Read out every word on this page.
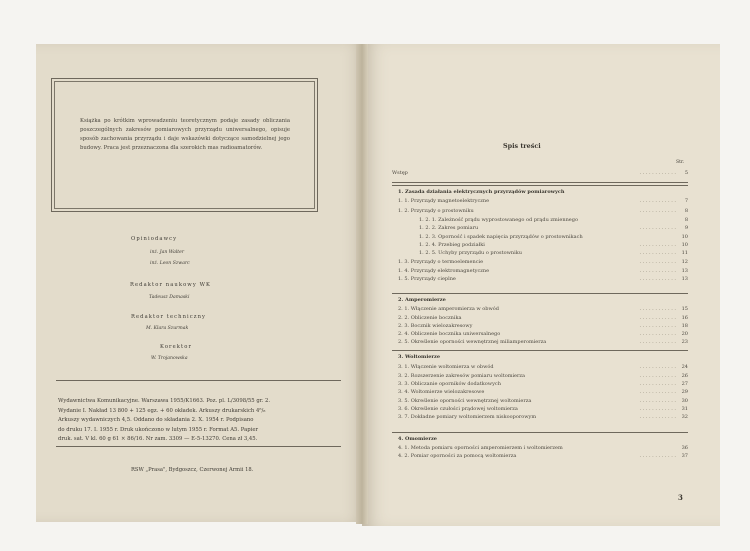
Książka po krótkim wprowadzeniu teoretycznym podaje zasady obliczania poszczególnych zakresów pomiarowych przyrządu uniwersalnego, opisuje sposób zachowania przyrządu i daje wskazówki dotyczące samodzielnej jego budowy. Praca jest przeznaczona dla szerokich mas radioamatorów.
Opiniodawcy
inż. Jan Walter
inż. Leon Szwarc
Redaktor naukowy WK
Tadeusz Damaski
Redaktor techniczny
M. Klara Szurmak
Korektor
W. Trojanowska
Wydawnictwa Komunikacyjne. Warszawa 1955/K1663. Poz. pl. L/3098/55 gr. 2.
Wydanie I. Nakład 13 800 + 125 egz. + 60 okładek. Arkuszy drukarskich 4⁶/₈
Arkuszy wydawniczych 4,5. Oddano do składania 2. X. 1954 r. Podpisano
do druku 17. I. 1955 r. Druk ukończono w lutym 1955 r. Format A5. Papier
druk. sat. V kl. 60 g 61 × 86/16. Nr zam. 3309 — E-5-13270. Cena zł 3,45.
RSW „Prasa", Bydgoszcz, Czerwonej Armii 18.
Spis treści
Str.
Wstęp	. . . . . . . . . . . .	5
1. Zasada działania elektrycznych przyrządów pomiarowych
1. 1. Przyrządy magnetoelektryczne	. . . . . . . . . . . .	7
1. 2. Przyrządy o prostowniku	. . . . . . . . . . . .	8
1. 2. 1. Zależność prądu wyprostowanego od prądu zmiennego	8
1. 2. 2. Zakres pomiaru	. . . . . . . . . . . .	9
1. 2. 3. Oporność i spadek napięcia przyrządów o prostownikach	10
1. 2. 4. Przebieg podziałki	. . . . . . . . . . . .	10
1. 2. 5. Uchyby przyrządu o prostowniku	. . . . . . . . . . . .	11
1. 3. Przyrządy o termoelemencie	. . . . . . . . . . . .	12
1. 4. Przyrządy elektromagnetyczne	. . . . . . . . . . . .	13
1. 5. Przyrządy cieplne	. . . . . . . . . . . .	13
2. Amperomierze
2. 1. Włączenie amperomierza w obwód	. . . . . . . . . . . .	15
2. 2. Obliczenie bocznika	. . . . . . . . . . . .	16
2. 3. Bocznik wielozakresowy	. . . . . . . . . . . .	18
2. 4. Obliczenie bocznika uniwersalnego	. . . . . . . . . . . .	20
2. 5. Określenie oporności wewnętrznej miliamperomierza	. . . . . . . . . . . .	23
3. Woltomierze
3. 1. Włączenie woltomierza w obwód	. . . . . . . . . . . .	24
3. 2. Rozszerzenie zakresów pomiaru woltomierza	. . . . . . . . . . . .	26
3. 3. Obliczanie oporników dodatkowych	. . . . . . . . . . . .	27
3. 4. Woltomierze wielozakresowe	. . . . . . . . . . . .	29
3. 5. Określenie oporności wewnętrznej woltomierza	. . . . . . . . . . . .	30
3. 6. Określenie czułości prądowej woltomierza	. . . . . . . . . . . .	31
3. 7. Dokładne pomiary woltomierzem niskooporowym	. . . . . . . . . . . .	32
4. Omomierze
4. 1. Metoda pomiaru oporności amperomierzem i woltomierzem	36
4. 2. Pomiar oporności za pomocą woltomierza	. . . . . . . . . . . .	37
3
